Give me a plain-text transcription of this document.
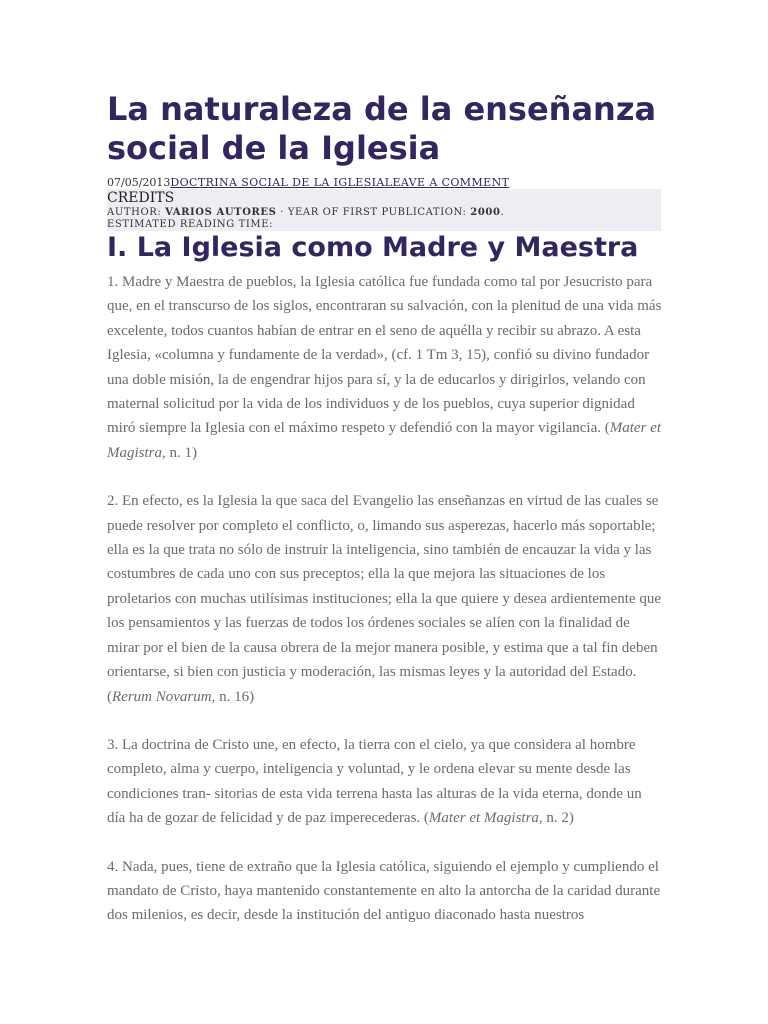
La naturaleza de la enseñanza social de la Iglesia
07/05/2013DOCTRINA SOCIAL DE LA IGLESIALEAVE A COMMENT
CREDITS
AUTHOR: VARIOS AUTORES · YEAR OF FIRST PUBLICATION: 2000.
ESTIMATED READING TIME:
I. La Iglesia como Madre y Maestra

1. Madre y Maestra de pueblos, la Iglesia católica fue fundada como tal por Jesucristo para que, en el transcurso de los siglos, encontraran su salvación, con la plenitud de una vida más excelente, todos cuantos habían de entrar en el seno de aquélla y recibir su abrazo. A esta Iglesia, «columna y fundamente de la verdad», (cf. 1 Tm 3, 15), confió su divino fundador una doble misión, la de engendrar hijos para sí, y la de educarlos y dirigirlos, velando con maternal solicitud por la vida de los individuos y de los pueblos, cuya superior dignidad miró siempre la Iglesia con el máximo respeto y defendió con la mayor vigilancia. (Mater et Magistra, n. 1)

2. En efecto, es la Iglesia la que saca del Evangelio las enseñanzas en virtud de las cuales se puede resolver por completo el conflicto, o, limando sus asperezas, hacerlo más soportable; ella es la que trata no sólo de instruir la inteligencia, sino también de encauzar la vida y las costumbres de cada uno con sus preceptos; ella la que mejora las situaciones de los proletarios con muchas utilísimas instituciones; ella la que quiere y desea ardientemente que los pensamientos y las fuerzas de todos los órdenes sociales se alíen con la finalidad de mirar por el bien de la causa obrera de la mejor manera posible, y estima que a tal fin deben orientarse, si bien con justicia y moderación, las mismas leyes y la autoridad del Estado. (Rerum Novarum, n. 16)

3. La doctrina de Cristo une, en efecto, la tierra con el cielo, ya que considera al hombre completo, alma y cuerpo, inteligencia y voluntad, y le ordena elevar su mente desde las condiciones tran- sitorias de esta vida terrena hasta las alturas de la vida eterna, donde un día ha de gozar de felicidad y de paz imperecederas. (Mater et Magistra, n. 2)

4. Nada, pues, tiene de extraño que la Iglesia católica, siguiendo el ejemplo y cumpliendo el mandato de Cristo, haya mantenido constantemente en alto la antorcha de la caridad durante dos milenios, es decir, desde la institución del antiguo diaconado hasta nuestros
